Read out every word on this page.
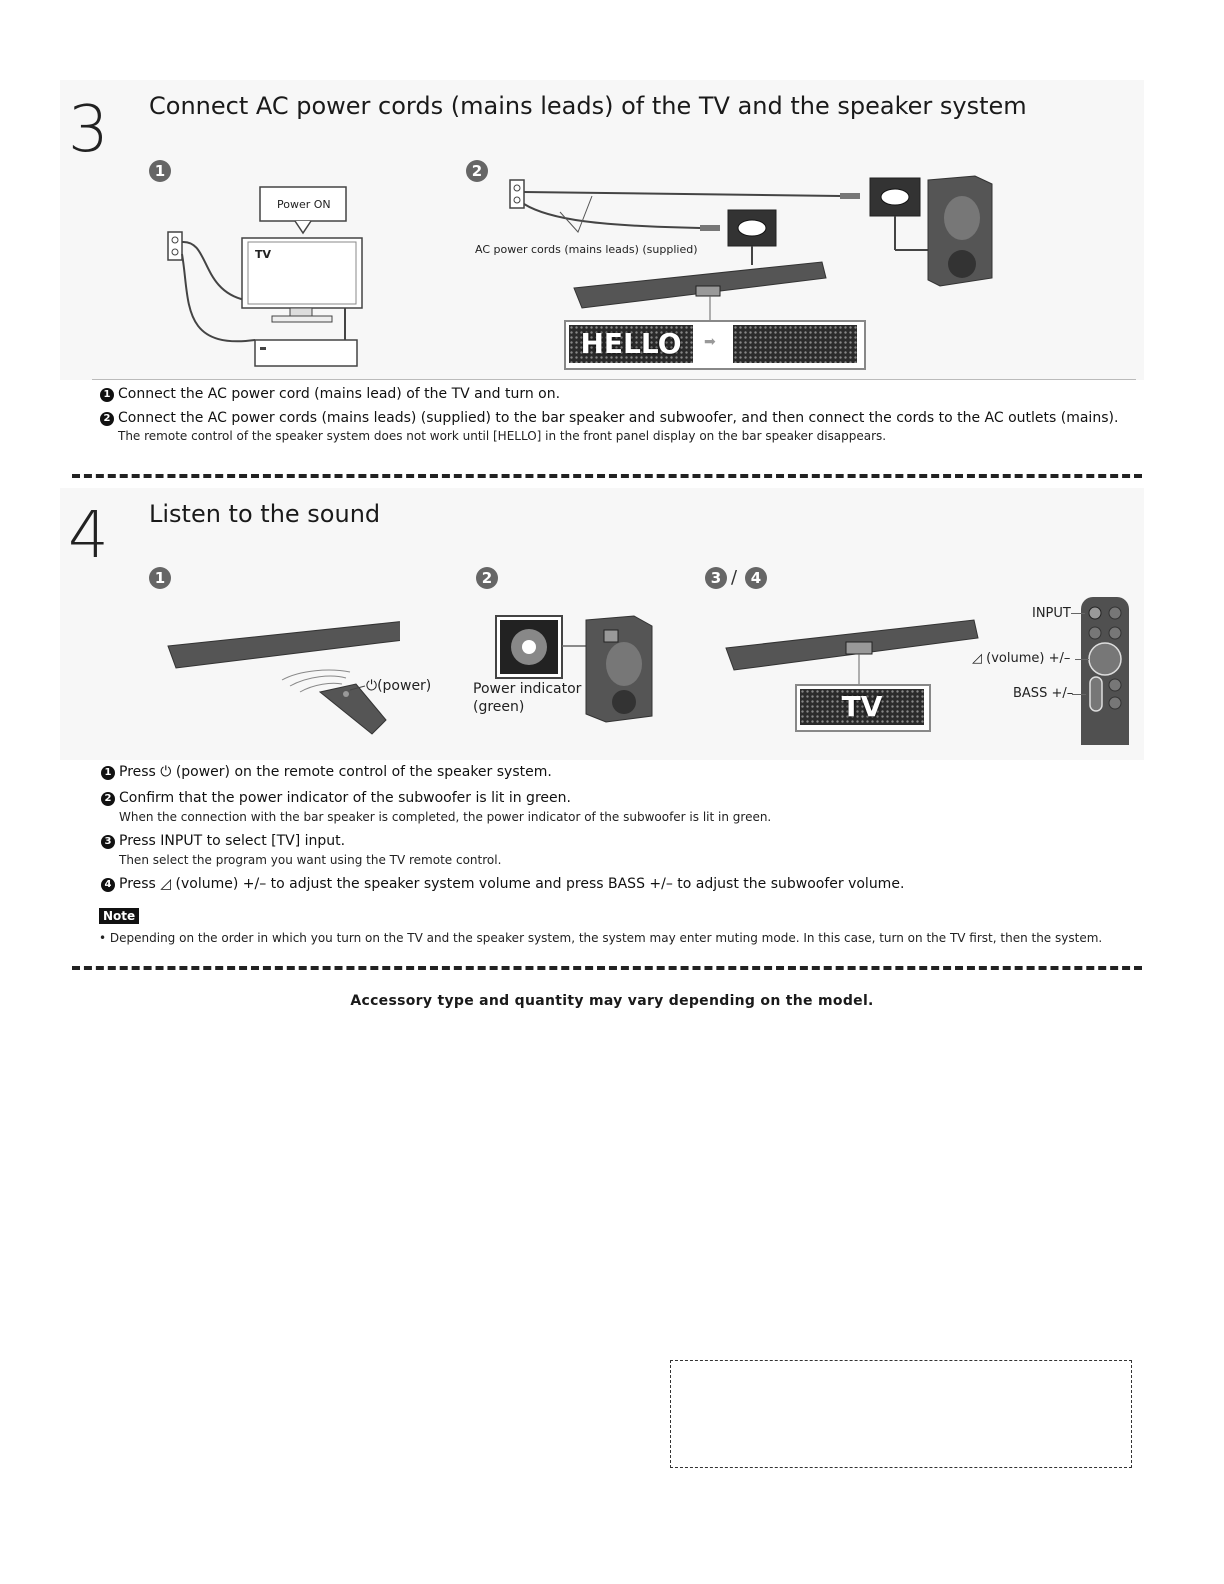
3 Connect AC power cords (mains leads) of the TV and the speaker system
1	2
Power ON
TV	AC power cords (mains leads) (supplied)
HELLO	➡
1 Connect the AC power cord (mains lead) of the TV and turn on.
2 Connect the AC power cords (mains leads) (supplied) to the bar speaker and subwoofer, and then connect the cords to the AC outlets (mains).
The remote control of the speaker system does not work until [HELLO] in the front panel display on the bar speaker disappears.
4 Listen to the sound
1	2	3 / 4
⏻(power)	Power indicator
(green)	TV
INPUT
◿ (volume) +/–
BASS +/–
1 Press ⏻ (power) on the remote control of the speaker system.
2 Confirm that the power indicator of the subwoofer is lit in green.
When the connection with the bar speaker is completed, the power indicator of the subwoofer is lit in green.
3 Press INPUT to select [TV] input.
Then select the program you want using the TV remote control.
4 Press ◿ (volume) +/– to adjust the speaker system volume and press BASS +/– to adjust the subwoofer volume.
Note
• Depending on the order in which you turn on the TV and the speaker system, the system may enter muting mode. In this case, turn on the TV first, then the system.
Accessory type and quantity may vary depending on the model.
